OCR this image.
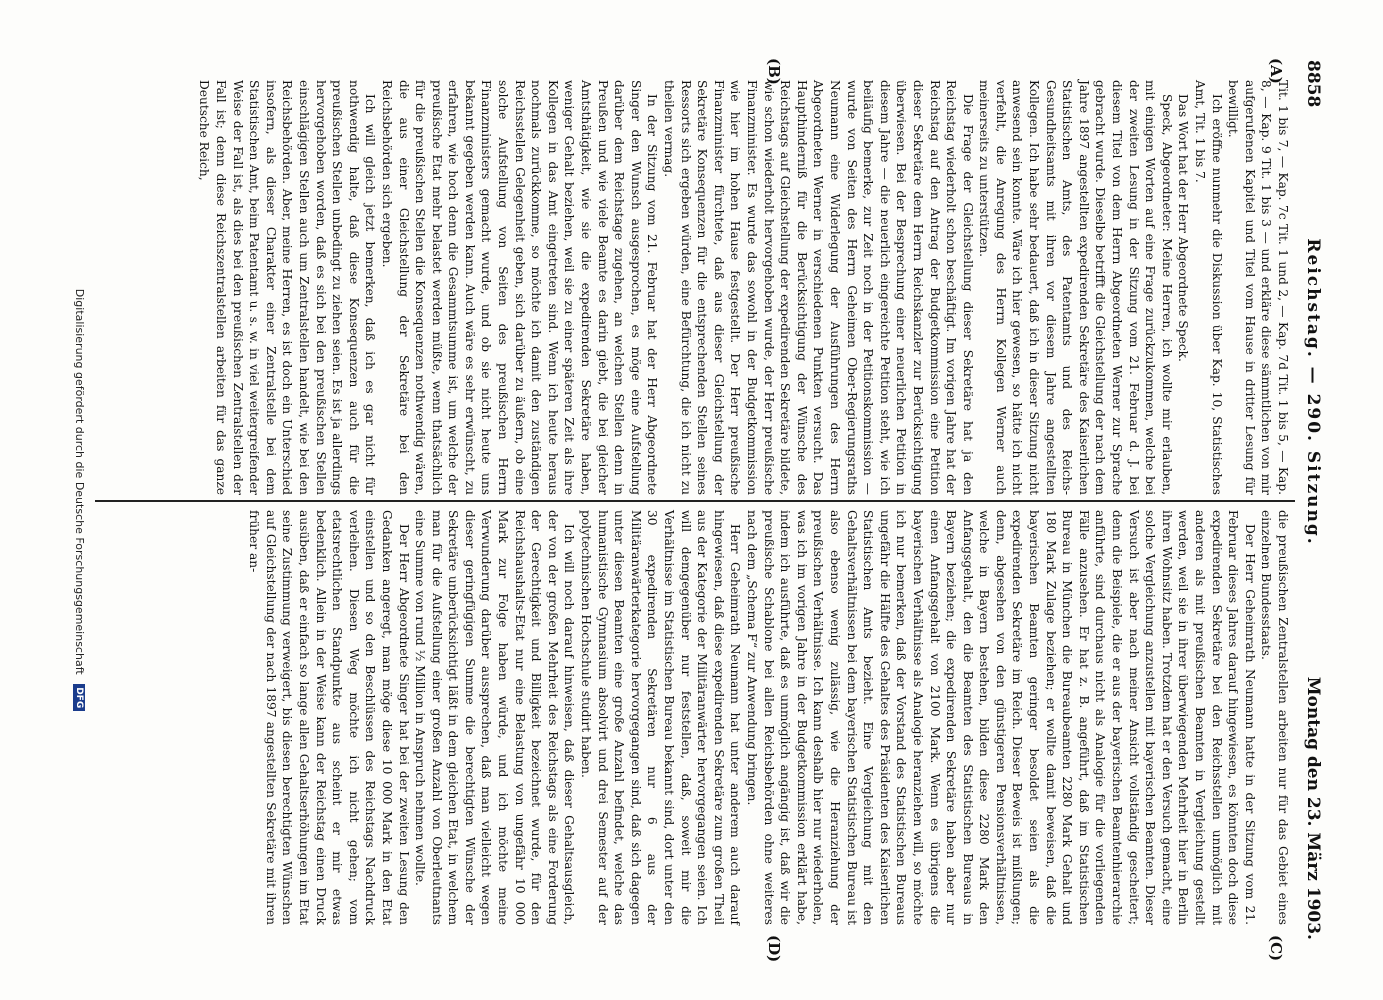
8858
Reichstag. — 290. Sitzung.
Montag den 23. März 1903.
(A)
(B)
(C)
(D)

Tit. 1 bis 7, — Kap. 7c Tit. 1 und 2, — Kap. 7d Tit. 1 bis 5, — Kap. 8, — Kap. 9 Tit. 1 bis 3 — und erkläre diese sämmtlichen von mir aufgerufenen Kapitel und Titel vom Hause in dritter Lesung für bewilligt.

Ich eröffne nunmehr die Diskussion über Kap. 10, Statistisches Amt, Tit. 1 bis 7.

Das Wort hat der Herr Abgeordnete Speck.

Speck, Abgeordneter: Meine Herren, ich wollte mir erlauben, mit einigen Worten auf eine Frage zurückzukommen, welche bei der zweiten Lesung in der Sitzung vom 21. Februar d. J. bei diesem Titel von dem Herrn Abgeordneten Werner zur Sprache gebracht wurde. Dieselbe betrifft die Gleichstellung der nach dem Jahre 1897 angestellten expedirenden Sekretäre des Kaiserlichen Statistischen Amts, des Patentamts und des Reichs-Gesundheitsamts mit ihren vor diesem Jahre angestellten Kollegen. Ich habe sehr bedauert, daß ich in dieser Sitzung nicht anwesend sein konnte. Wäre ich hier gewesen, so hätte ich nicht verfehlt, die Anregung des Herrn Kollegen Werner auch meinerseits zu unterstützen.

Die Frage der Gleichstellung dieser Sekretäre hat ja den Reichstag wiederholt schon beschäftigt. Im vorigen Jahre hat der Reichstag auf den Antrag der Budgetkommission eine Petition dieser Sekretäre dem Herrn Reichskanzler zur Berücksichtigung überwiesen. Bei der Besprechung einer neuerlichen Petition in diesem Jahre — die neuerlich eingereichte Petition steht, wie ich beiläufig bemerke, zur Zeit noch in der Petitionskommission — wurde von Seiten des Herrn Geheimen Ober-Regierungsraths Neumann eine Widerlegung der Ausführungen des Herrn Abgeordneten Werner in verschiedenen Punkten versucht. Das Haupthinderniß für die Berücksichtigung der Wünsche des Reichstags auf Gleichstellung der expedirenden Sekretäre bildete, wie schon wiederholt hervorgehoben wurde, der Herr preußische Finanzminister. Es wurde das sowohl in der Budgetkommission wie hier im hohen Hause festgestellt. Der Herr preußische Finanzminister fürchtete, daß aus dieser Gleichstellung der Sekretäre Konsequenzen für die entsprechenden Stellen seines Ressorts sich ergeben würden, eine Befürchtung, die ich nicht zu theilen vermag.

In der Sitzung vom 21. Februar hat der Herr Abgeordnete Singer den Wunsch ausgesprochen, es möge eine Aufstellung darüber dem Reichstage zugehen, an welchen Stellen denn in Preußen und wie viele Beamte es darin giebt, die bei gleicher Amtsthätigkeit, wie sie die expedirenden Sekretäre haben, weniger Gehalt beziehen, weil sie zu einer späteren Zeit als ihre Kollegen in das Amt eingetreten sind. Wenn ich heute heraus nochmals zurückkomme, so möchte ich damit den zuständigen Reichsstellen Gelegenheit geben, sich darüber zu äußern, ob eine solche Aufstellung von Seiten des preußischen Herrn Finanzministers gemacht wurde, und ob sie nicht heute uns bekannt gegeben werden kann. Auch wäre es sehr erwünscht, zu erfahren, wie hoch denn die Gesammtsumme ist, um welche der preußische Etat mehr belastet werden müßte, wenn thatsächlich für die preußischen Stellen die Konsequenzen nothwendig wären, die aus einer Gleichstellung der Sekretäre bei den Reichsbehörden sich ergeben.

Ich will gleich jetzt bemerken, daß ich es gar nicht für nothwendig halte, daß diese Konsequenzen auch für die preußischen Stellen unbedingt zu ziehen seien. Es ist ja allerdings hervorgehoben worden, daß es sich bei den preußischen Stellen einschlägigen Stellen auch um Zentralstellen handelt, wie bei den Reichsbehörden. Aber, meine Herren, es ist doch ein Unterschied insofern, als dieser Charakter einer Zentralstelle bei dem Statistischen Amt, beim Patentamt u. s. w. in viel weitergreifender Weise der Fall ist, als dies bei den preußischen Zentralstellen der Fall ist; denn diese Reichszentralstellen arbeiten für das ganze Deutsche Reich,

die preußischen Zentralstellen arbeiten nur für das Gebiet eines einzelnen Bundesstaats.

Der Herr Geheimrath Neumann hatte in der Sitzung vom 21. Februar dieses Jahres darauf hingewiesen, es könnten doch diese expedirenden Sekretäre bei den Reichsstellen unmöglich mit anderen als mit preußischen Beamten in Vergleichung gestellt werden, weil sie in ihrer überwiegenden Mehrheit hier in Berlin ihren Wohnsitz haben. Trotzdem hat er den Versuch gemacht, eine solche Vergleichung anzustellen mit bayerischen Beamten. Dieser Versuch ist aber nach meiner Ansicht vollständig gescheitert; denn die Beispiele, die er aus der bayerischen Beamtenhierarchie anführte, sind durchaus nicht als Analogie für die vorliegenden Fälle anzusehen. Er hat z. B. angeführt, daß im Statistischen Bureau in München die Bureaubeamten 2280 Mark Gehalt und 180 Mark Zulage beziehen; er wollte damit beweisen, daß die bayerischen Beamten geringer besoldet seien als die expedirenden Sekretäre im Reich. Dieser Beweis ist mißlungen; denn, abgesehen von den günstigeren Pensionsverhältnissen, welche in Bayern bestehen, bilden diese 2280 Mark den Anfangsgehalt, den die Beamten des Statistischen Bureaus in Bayern beziehen; die expedirenden Sekretäre haben aber nur einen Anfangsgehalt von 2100 Mark. Wenn es übrigens die bayerischen Verhältnisse als Analogie heranziehen will, so möchte ich nur bemerken, daß der Vorstand des Statistischen Bureaus ungefähr die Hälfte des Gehaltes des Präsidenten des Kaiserlichen Statistischen Amts bezieht. Eine Vergleichung mit den Gehaltsverhältnissen bei dem bayerischen Statistischen Bureau ist also ebenso wenig zulässig, wie die Heranziehung der preußischen Verhältnisse. Ich kann deshalb hier nur wiederholen, was ich im vorigen Jahre in der Budgetkommission erklärt habe, indem ich ausführte, daß es unmöglich angängig ist, daß wir die preußische Schablone bei allen Reichsbehörden ohne weiteres nach dem „Schema F“ zur Anwendung bringen.

Herr Geheimrath Neumann hat unter anderem auch darauf hingewiesen, daß diese expedirenden Sekretäre zum großen Theil aus der Kategorie der Militäranwärter hervorgegangen seien. Ich will demgegenüber nur feststellen, daß, soweit mir die Verhältnisse im Statistischen Bureau bekannt sind, dort unter den 30 expedirenden Sekretären nur 6 aus der Militäranwärterkategorie hervorgegangen sind, daß sich dagegen unter diesen Beamten eine große Anzahl befindet, welche das humanistische Gymnasium absolvirt und drei Semester auf der polytechnischen Hochschule studirt haben.

Ich will noch darauf hinweisen, daß dieser Gehaltsausgleich, der von der großen Mehrheit des Reichstags als eine Forderung der Gerechtigkeit und Billigkeit bezeichnet wurde, für den Reichshaushalts-Etat nur eine Belastung von ungefähr 10 000 Mark zur Folge haben würde, und ich möchte meine Verwunderung darüber aussprechen, daß man vielleicht wegen dieser geringfügigen Summe die berechtigten Wünsche der Sekretäre unberücksichtigt läßt in dem gleichen Etat, in welchem man für die Aufstellung einer großen Anzahl von Oberleutnants eine Summe von rund ½ Million in Anspruch nehmen wollte.

Der Herr Abgeordnete Singer hat bei der zweiten Lesung den Gedanken angeregt, man möge diese 10 000 Mark in den Etat einstellen und so den Beschlüssen des Reichstags Nachdruck verleihen. Diesen Weg möchte ich nicht gehen; vom etatsrechtlichen Standpunkte aus scheint er mir etwas bedenklich. Allein in der Weise kann der Reichstag einen Druck ausüben, daß er einfach so lange allen Gehaltserhöhungen im Etat seine Zustimmung verweigert, bis diesen berechtigten Wünschen auf Gleichstellung der nach 1897 angestellten Sekretäre mit ihren früher an-

Digitalisierung gefördert durch die Deutsche Forschungsgemeinschaft DFG
